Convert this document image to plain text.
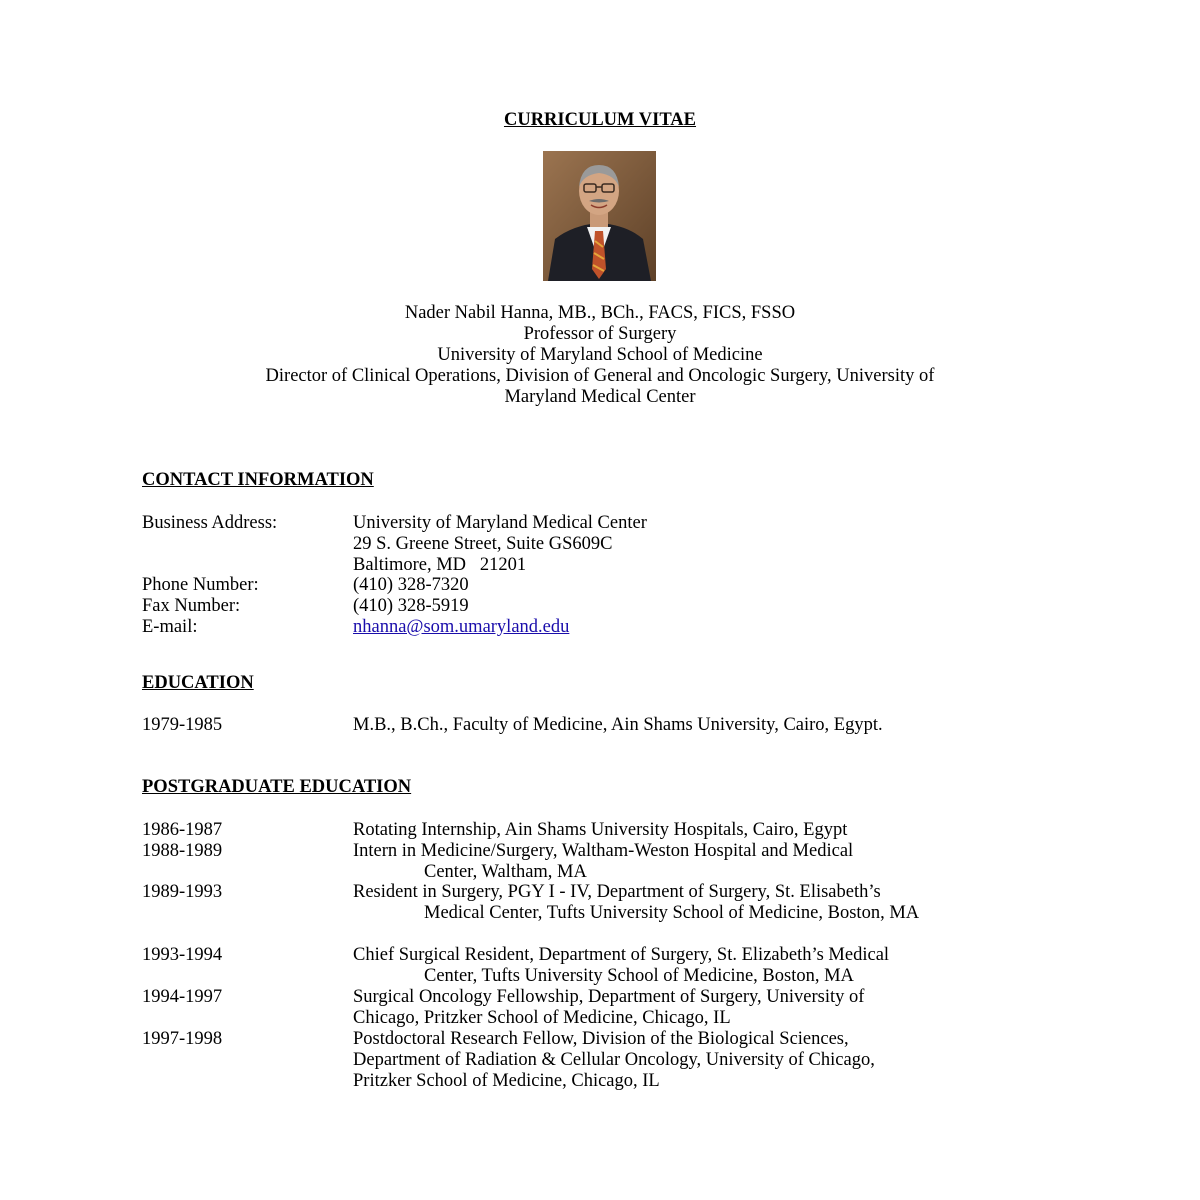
CURRICULUM VITAE
Nader Nabil Hanna, MB., BCh., FACS, FICS, FSSO
Professor of Surgery
University of Maryland School of Medicine
Director of Clinical Operations, Division of General and Oncologic Surgery, University of
Maryland Medical Center
CONTACT INFORMATION
Business Address:	University of Maryland Medical Center
29 S. Greene Street, Suite GS609C
Baltimore, MD   21201
Phone Number:	(410) 328-7320
Fax Number:	(410) 328-5919
E-mail:	nhanna@som.umaryland.edu
EDUCATION
1979-1985	M.B., B.Ch., Faculty of Medicine, Ain Shams University, Cairo, Egypt.
POSTGRADUATE EDUCATION
1986-1987	Rotating Internship, Ain Shams University Hospitals, Cairo, Egypt
1988-1989	Intern in Medicine/Surgery, Waltham-Weston Hospital and Medical
Center, Waltham, MA
1989-1993	Resident in Surgery, PGY I - IV, Department of Surgery, St. Elisabeth’s
Medical Center, Tufts University School of Medicine, Boston, MA
1993-1994	Chief Surgical Resident, Department of Surgery, St. Elizabeth’s Medical
Center, Tufts University School of Medicine, Boston, MA
1994-1997	Surgical Oncology Fellowship, Department of Surgery, University of
Chicago, Pritzker School of Medicine, Chicago, IL
1997-1998	Postdoctoral Research Fellow, Division of the Biological Sciences,
Department of Radiation & Cellular Oncology, University of Chicago,
Pritzker School of Medicine, Chicago, IL
